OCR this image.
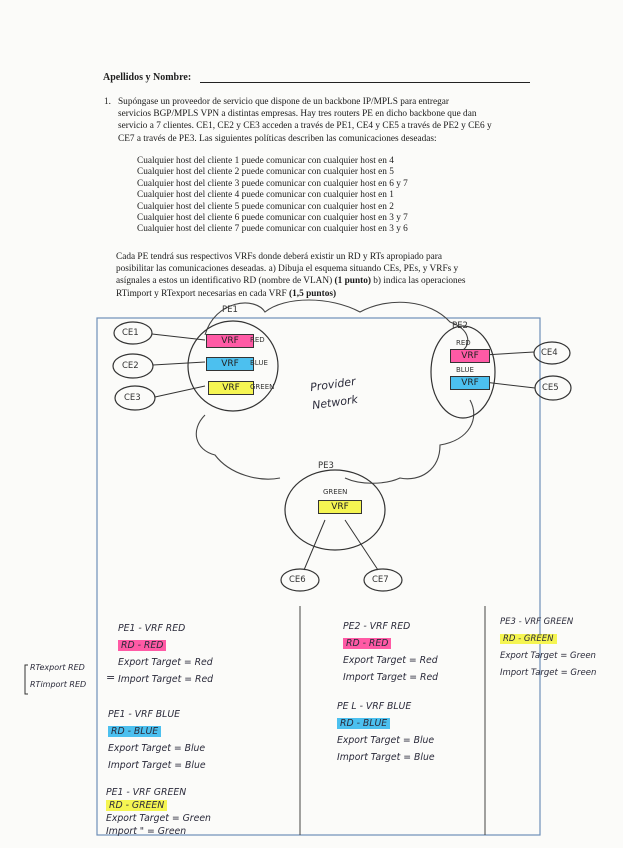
Apellidos y Nombre:
1. Supóngase un proveedor de servicio que dispone de un backbone IP/MPLS para entregar
servicios BGP/MPLS VPN a distintas empresas. Hay tres routers PE en dicho backbone que dan
servicio a 7 clientes. CE1, CE2 y CE3 acceden a través de PE1, CE4 y CE5 a través de PE2 y CE6 y
CE7 a través de PE3. Las siguientes políticas describen las comunicaciones deseadas:
Cualquier host del cliente 1 puede comunicar con cualquier host en 4
Cualquier host del cliente 2 puede comunicar con cualquier host en 5
Cualquier host del cliente 3 puede comunicar con cualquier host en 6 y 7
Cualquier host del cliente 4 puede comunicar con cualquier host en 1
Cualquier host del cliente 5 puede comunicar con cualquier host en 2
Cualquier host del cliente 6 puede comunicar con cualquier host en 3 y 7
Cualquier host del cliente 7 puede comunicar con cualquier host en 3 y 6
Cada PE tendrá sus respectivos VRFs donde deberá existir un RD y RTs apropiado para
posibilitar las comunicaciones deseadas. a) Dibuja el esquema situando CEs, PEs, y VRFs y
asígnales a estos un identificativo RD (nombre de VLAN) (1 punto) b) indica las operaciones
RTimport y RTexport necesarias en cada VRF (1,5 puntos)
PE1
PE2
PE3
CE1
CE2
CE3
CE4
CE5
CE6	CE7
VRF	RED
VRF	BLUE
VRF	GREEN
RED
VRF
BLUE
VRF
GREEN
VRF
Provider
Network
RTexport RED
RTimport RED
=
PE1 - VRF RED
RD - RED
Export Target = Red
Import Target = Red
PE1 - VRF BLUE
RD - BLUE
Export Target = Blue
Import Target = Blue
PE1 - VRF GREEN
RD - GREEN
Export Target = Green
Import " = Green
PE2 - VRF RED
RD - RED
Export Target = Red
Import Target = Red
PE L - VRF BLUE
RD - BLUE
Export Target = Blue
Import Target = Blue
PE3 - VRF GREEN
RD - GREEN
Export Target = Green
Import Target = Green
